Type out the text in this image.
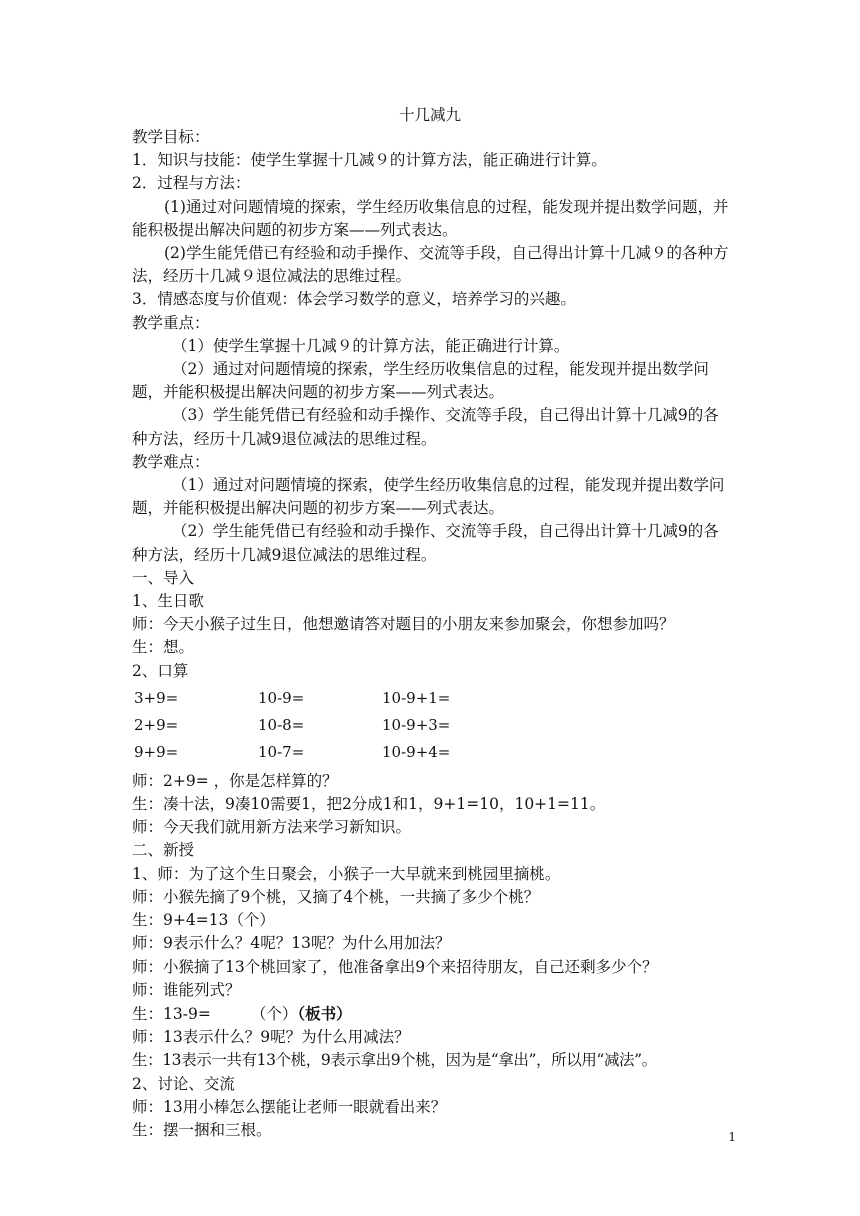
十几减九

教学目标：

1．知识与技能：使学生掌握十几减９的计算方法，能正确进行计算。

2．过程与方法：

(1)通过对问题情境的探索，学生经历收集信息的过程，能发现并提出数学问题，并能积极提出解决问题的初步方案——列式表达。

(2)学生能凭借已有经验和动手操作、交流等手段，自己得出计算十几减９的各种方法，经历十几减９退位减法的思维过程。

3．情感态度与价值观：体会学习数学的意义，培养学习的兴趣。

教学重点：

（1）使学生掌握十几减９的计算方法，能正确进行计算。

（2）通过对问题情境的探索，学生经历收集信息的过程，能发现并提出数学问题，并能积极提出解决问题的初步方案——列式表达。

（3）学生能凭借已有经验和动手操作、交流等手段，自己得出计算十几减9的各种方法，经历十几减9退位减法的思维过程。

教学难点：

（1）通过对问题情境的探索，使学生经历收集信息的过程，能发现并提出数学问题，并能积极提出解决问题的初步方案——列式表达。

（2）学生能凭借已有经验和动手操作、交流等手段，自己得出计算十几减9的各种方法，经历十几减9退位减法的思维过程。

一、导入

1、生日歌

师：今天小猴子过生日，他想邀请答对题目的小朋友来参加聚会，你想参加吗？

生：想。

2、口算

3+9=	10-9=	10-9+1=
2+9=	10-8=	10-9+3=
9+9=	10-7=	10-9+4=

师：2+9= ，你是怎样算的？

生：凑十法，9凑10需要1，把2分成1和1，9+1=10，10+1=11。

师：今天我们就用新方法来学习新知识。

二、新授

1、师：为了这个生日聚会，小猴子一大早就来到桃园里摘桃。

师：小猴先摘了9个桃，又摘了4个桃，一共摘了多少个桃？

生：9+4=13（个）

师：9表示什么？4呢？13呢？为什么用加法？

师：小猴摘了13个桃回家了，他准备拿出9个来招待朋友，自己还剩多少个？

师：谁能列式？

生：13-9=	（个）（板书）

师：13表示什么？9呢？为什么用减法？

生：13表示一共有13个桃，9表示拿出9个桃，因为是“拿出”，所以用“减法”。

2、讨论、交流

师：13用小棒怎么摆能让老师一眼就看出来？

生：摆一捆和三根。	1
